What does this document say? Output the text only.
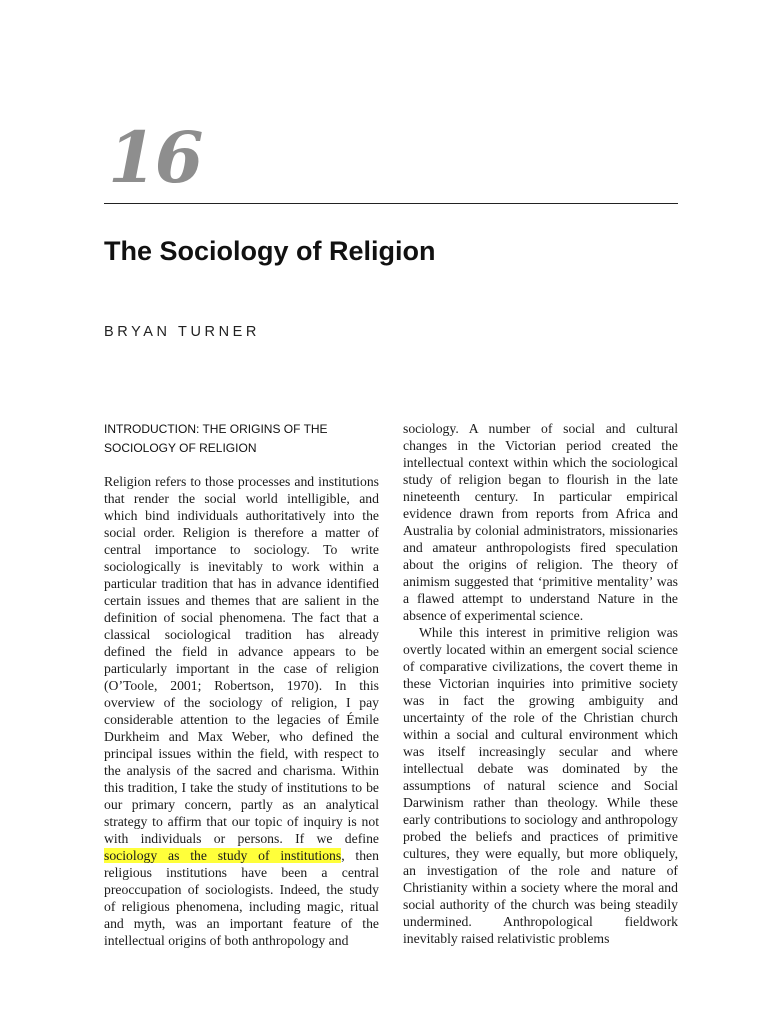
16
The Sociology of Religion
BRYAN TURNER
INTRODUCTION: THE ORIGINS OF THE SOCIOLOGY OF RELIGION

Religion refers to those processes and institutions that render the social world intelligible, and which bind individuals authoritatively into the social order. Religion is therefore a matter of central importance to sociology. To write sociologically is inevitably to work within a particular tradition that has in advance identified certain issues and themes that are salient in the definition of social phenomena. The fact that a classical sociological tradition has already defined the field in advance appears to be particularly important in the case of religion (O’Toole, 2001; Robertson, 1970). In this overview of the sociology of religion, I pay considerable attention to the legacies of Émile Durkheim and Max Weber, who defined the principal issues within the field, with respect to the analysis of the sacred and charisma. Within this tradition, I take the study of institutions to be our primary concern, partly as an analytical strategy to affirm that our topic of inquiry is not with individuals or persons. If we define sociology as the study of institutions, then religious institutions have been a central preoccupation of sociologists. Indeed, the study of religious phenomena, including magic, ritual and myth, was an important feature of the intellectual origins of both anthropology and

sociology. A number of social and cultural changes in the Victorian period created the intellectual context within which the sociological study of religion began to flourish in the late nineteenth century. In particular empirical evidence drawn from reports from Africa and Australia by colonial administrators, missionaries and amateur anthropologists fired speculation about the origins of religion. The theory of animism suggested that ‘primitive mentality’ was a flawed attempt to understand Nature in the absence of experimental science.

While this interest in primitive religion was overtly located within an emergent social science of comparative civilizations, the covert theme in these Victorian inquiries into primitive society was in fact the growing ambiguity and uncertainty of the role of the Christian church within a social and cultural environment which was itself increasingly secular and where intellectual debate was dominated by the assumptions of natural science and Social Darwinism rather than theology. While these early contributions to sociology and anthropology probed the beliefs and practices of primitive cultures, they were equally, but more obliquely, an investigation of the role and nature of Christianity within a society where the moral and social authority of the church was being steadily undermined. Anthropological fieldwork inevitably raised relativistic problems
